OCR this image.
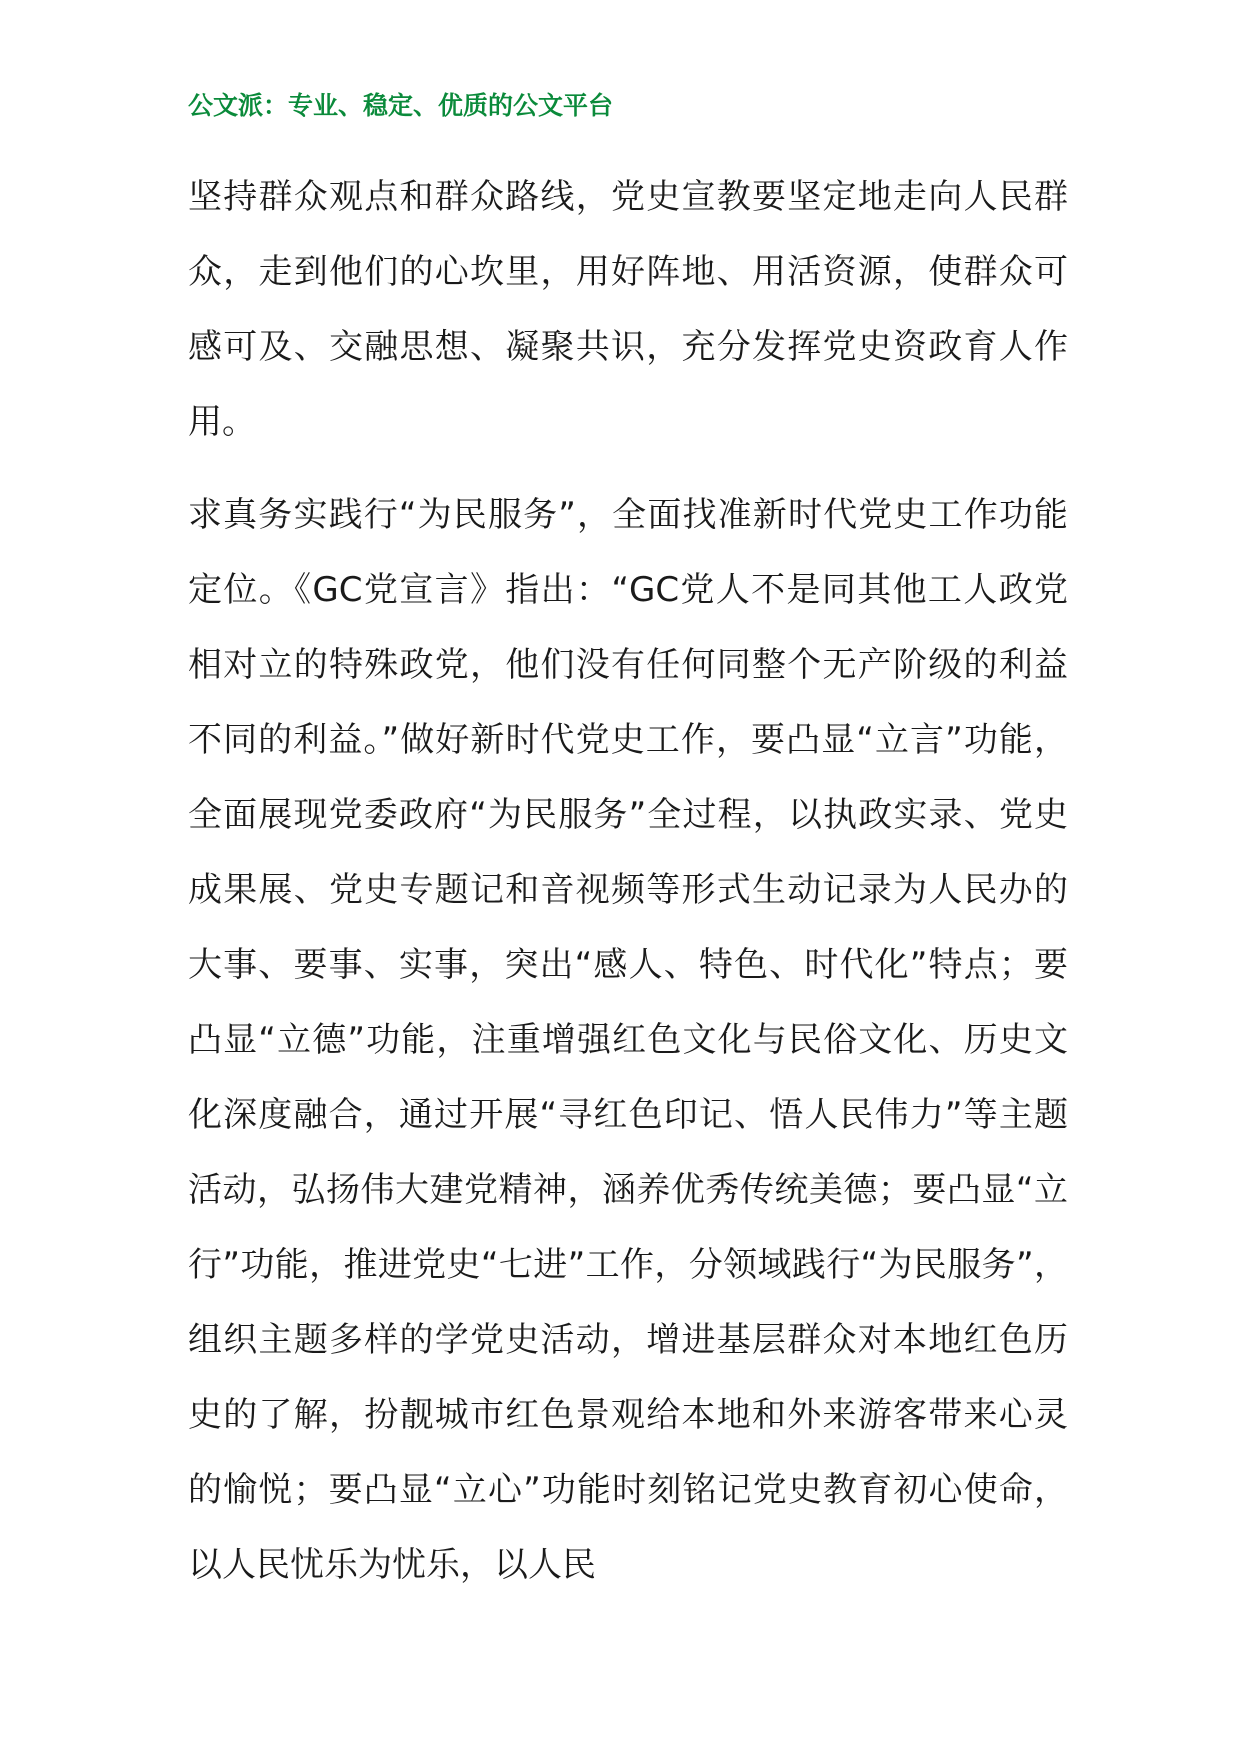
公文派：专业、稳定、优质的公文平台
坚持群众观点和群众路线，党史宣教要坚定地走向人民群众，走到他们的心坎里，用好阵地、用活资源，使群众可感可及、交融思想、凝聚共识，充分发挥党史资政育人作用。
求真务实践行“为民服务”，全面找准新时代党史工作功能定位。《GC党宣言》指出：“GC党人不是同其他工人政党相对立的特殊政党，他们没有任何同整个无产阶级的利益不同的利益。”做好新时代党史工作，要凸显“立言”功能，全面展现党委政府“为民服务”全过程，以执政实录、党史成果展、党史专题记和音视频等形式生动记录为人民办的大事、要事、实事，突出“感人、特色、时代化”特点；要凸显“立德”功能，注重增强红色文化与民俗文化、历史文化深度融合，通过开展“寻红色印记、悟人民伟力”等主题活动，弘扬伟大建党精神，涵养优秀传统美德；要凸显“立行”功能，推进党史“七进”工作，分领域践行“为民服务”，组织主题多样的学党史活动，增进基层群众对本地红色历史的了解，扮靓城市红色景观给本地和外来游客带来心灵的愉悦；要凸显“立心”功能时刻铭记党史教育初心使命，以人民忧乐为忧乐，以人民
